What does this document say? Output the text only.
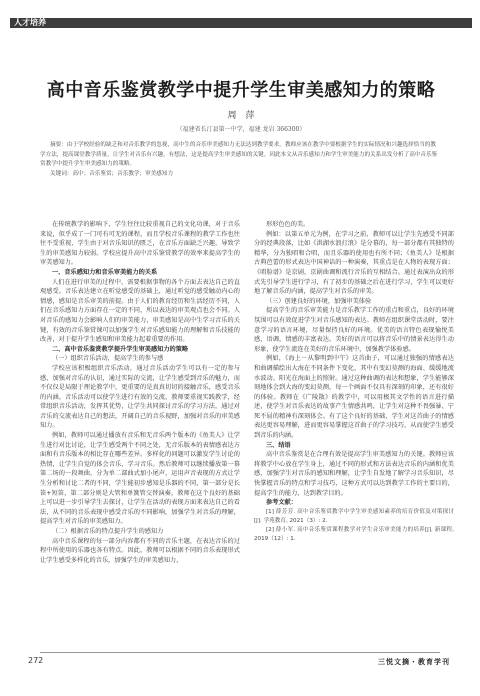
人才培养
高中音乐鉴赏教学中提升学生审美感知力的策略
周　萍
（福建省长汀县第一中学，福建 龙岩 366300）

摘要：由于学校经验的缺乏和对音乐教学的忽视，高中生的音乐审美感知力无法达到教学要求。教师应该在教学中要根据学生的实际情况和兴趣选择恰当的教学方法，提高课堂教学质量，让学生对音乐有兴趣，有想法，这是提高学生审美感知的关键。因此本文从音乐感知力和学生审美能力的关系出发分析了高中音乐鉴赏教学中提升学生审美感知力的策略。

关键词：高中；音乐鉴赏；音乐教学；审美感知力

在传统教学的影响下，学生往往比较重视自己的文化功课，对于音乐来说，似乎成了一门可有可无的课程，而且学校音乐课程的教学工作也往往不受重视，学生由于对音乐知识的匮乏，在音乐方面缺乏兴趣，导致学生的审美感知力较弱。学校应提升高中音乐鉴赏教学的效率来提高学生的审美感知力。

一、音乐感知力和音乐审美能力的关系

人们在进行审美的过程中，需要根据事物的各个方面去表达自己的直观感受。音乐表达建立在听觉感受的基础上，通过听觉的感受触动内心的情感，感知是音乐审美的前提。由于人们的教育经历和生活经历不同，人们在音乐感知力方面存在一定的不同，所以表达的审美观点也会不同。人对音乐的感知力会影响人们的审美能力，审美感知是高中生学习音乐的关键，有效的音乐鉴赏课可以加强学生对音乐感知能力的理解和音乐技能的改善，对于提升学生感知和审美能力起着重要的作用。

二、高中音乐鉴赏教学提升学生审美感知力的策略

（一）组织音乐活动，提高学生的参与感

学校应该积极组织音乐活动，通过音乐活动学生可以有一定的参与感，加强对音乐的认识，通过实际的交流，让学生感受到音乐的魅力，而不仅仅是局限于理论教学中，更重要的是真真切切的接触音乐，感受音乐的内涵。音乐活动可以使学生进行有效的交流，教师要重视实践教学，经常组织音乐活动，发挥其优势，让学生共同探讨音乐的学习方法，通过对音乐的交流表达自己的想法，开阔自己的音乐视野，加强对音乐的审美感知力。

例如，教师可以通过播放有音乐和无音乐两个版本的《鱼美人》让学生进行对比讨论，让学生感受两个不同之处，无音乐版本的表情感表达方面和有音乐版本的相比存在哪些差异。多样化的问题可以激发学生讨论的热情，让学生自觉的体会音乐，学习音乐。然后教师可以继续播放第一幕第二场的一段舞曲，分为单二部曲式加小尾声，运用声音表现的方式让学生分析和讨论二者的不同，学生能初步感知是乐器的不同，第一部分是长笛+短笛，第二部分则是大管和单簧管交替演奏。教师在这个良好的基础上可以进一步引导学生去探讨，让学生在活动的表现方面来表达自己的看法，从不同的音乐表现中感受音乐的不同影响，加强学生对音乐的理解，提高学生对音乐的审美感知力。

（二）根据音乐的特点提升学生的感知力

高中音乐课程的每一部分内容都有不同的音乐主题，在表达音乐的过程中所使用的乐器也各有特点。因此，教师可以根据不同的音乐表现形式让学生感受多样化的音乐，加强学生的审美感知力，

形形色色的美。

例如：以第五单元为例，在学习之前，教师可以让学生先感受不同部分的经典段落，比如《洪湖水浪打浪》是分幕的，每一部分都有其独特的精华，分为独唱和合唱，而且乐器的使用也有所不同；《鱼美人》是根据古典芭蕾的形式表达中国神话的一种演奏，其重点是在人物的表现方面；《唱脸谱》是京剧，京剧曲调和流行音乐的互相结合。通过表演出众的形式先引导学生进行学习，有了初步的基础之后在进行学习，学生可以更好地了解音乐的内涵，提高学生对音乐的审美。

（三）创建良好的环境，加强审美体验

提高学生的音乐审美能力是音乐教学工作的重点和重点，良好的环境氛围可以有效促进学生对音乐感知的表达。教师在组织课堂活动时，要注意学习的语言环境，尽量保持良好的环境。优美的语言特色表现愉悦美感，语调，情感的丰富表达。美好的语言可以将音乐中的情景表达得生动形象，使学生流连在美好的音乐环境中，加强教学体验感。

例如，《海上－从黎明到中午》这首曲子，可以通过独强的情感表达和曲调描绘出大海在不同条件下变化，其中有变幻莫测的海面、缓缓地流水波动、阳光在海面上的照射。通过这种曲调的表达和想象，学生能够深刻地体会到大海的变幻莫测，每一个画面不仅具有深刻的印象，还有很好的体验。教师在《广陵散》的教学中，可以用极其文学性的语言进行描述，使学生对音乐表达的故事产生情感共鸣，让学生对这种不畏强暴、宁死不屈的精神有深刻体会。有了这个良好的基础，学生对这首曲子的情感表达更容易理解，进而更容易掌握这首曲子的学习技巧，从而使学生感受到音乐的内涵。

三、结语

高中音乐鉴赏是在合理有效是提高学生审美感知力的关键。教师应该将教学中心放在学生身上，通过不同的形式和方法表达音乐的内涵和优美感，加强学生对音乐的感知和理解，让学生自发地了解学习音乐知识，尽快掌握音乐的特点和学习技巧，这种方式可以达到教学工作的主要目的，提高学生的能力，达到教学目的。

参考文献：

[1] 薛芳芳. 高中音乐鉴赏教学中学生审美感知素养的培育价值及对策探讨[J]. 学苑教育, 2021（3）: 2.

[2] 薛小军. 高中音乐鉴赏课程教学对学生音乐审美能力的培养[J]. 新课程, 2019（12）: 1.

272	三悦文摘・教育学刊
